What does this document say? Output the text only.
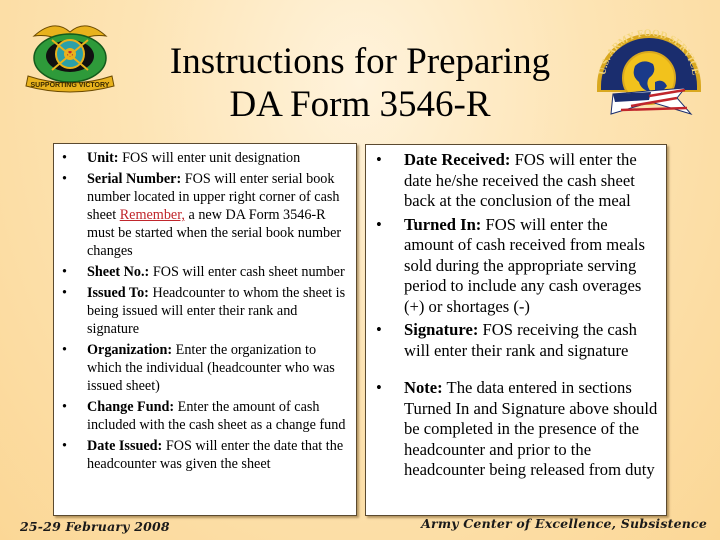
SUPPORTING VICTORY
U.S. ARMY FOOD SERVICE
Instructions for Preparing
DA Form 3546-R
• Unit: FOS will enter unit designation
• Serial Number: FOS will enter serial book number located in upper right corner of cash sheet Remember, a new DA Form 3546-R must be started when the serial book number changes
• Sheet No.: FOS will enter cash sheet number
• Issued To: Headcounter to whom the sheet is being issued will enter their rank and signature
• Organization: Enter the organization to which the individual (headcounter who was issued sheet)
• Change Fund: Enter the amount of cash included with the cash sheet as a change fund
• Date Issued: FOS will enter the date that the headcounter was given the sheet
• Date Received: FOS will enter the date he/she received the cash sheet back at the conclusion of the meal
• Turned In: FOS will enter the amount of cash received from meals sold during the appropriate serving period to include any cash overages (+) or shortages (-)
• Signature: FOS receiving the cash will enter their rank and signature
• Note: The data entered in sections Turned In and Signature above should be completed in the presence of the headcounter and prior to the headcounter being released from duty
25-29 February 2008	Army Center of Excellence, Subsistence
